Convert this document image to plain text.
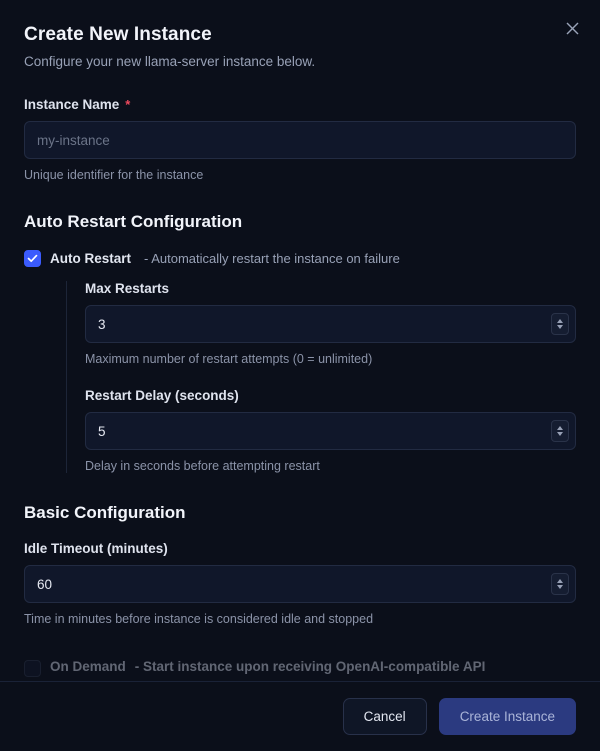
Create New Instance

Configure your new llama-server instance below.

Instance Name *
my-instance
Unique identifier for the instance
Auto Restart Configuration
Auto Restart - Automatically restart the instance on failure
Max Restarts
3
Maximum number of restart attempts (0 = unlimited)
Restart Delay (seconds)
5
Delay in seconds before attempting restart
Basic Configuration
Idle Timeout (minutes)
60
Time in minutes before instance is considered idle and stopped
On Demand - Start instance upon receiving OpenAI-compatible API
Cancel	Create Instance
